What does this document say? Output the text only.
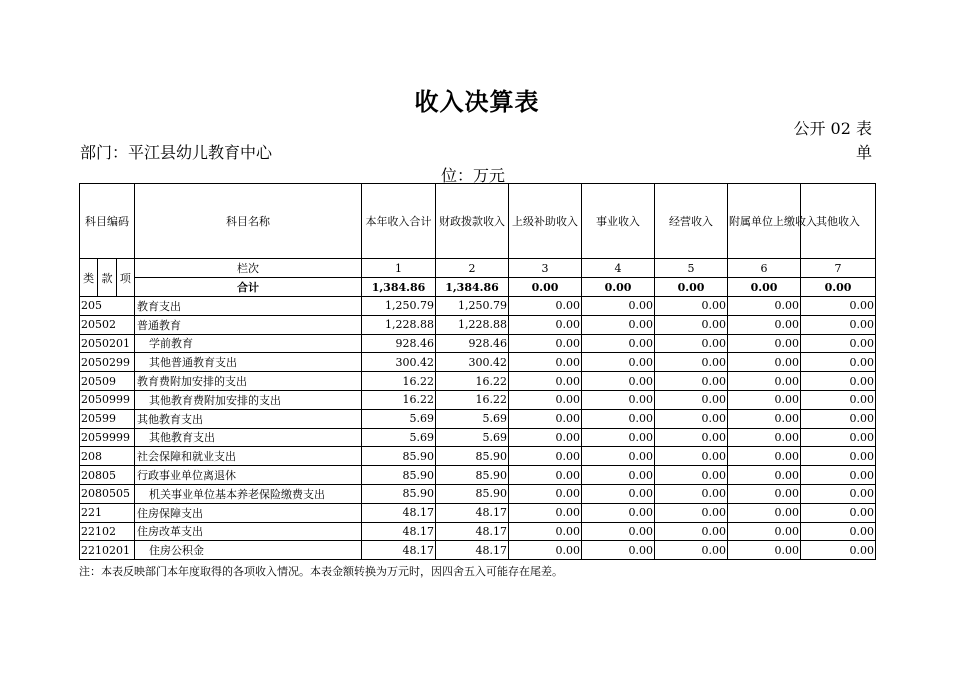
收入决算表
公开 02 表
部门：平江县幼儿教育中心	单
位：万元
科目编码	科目名称	本年收入合计	财政拨款收入	上级补助收入	事业收入	经营收入	附属单位上缴收入	其他收入

类 款 项	栏次	1	2	3	4	5	6	7
	合计	1,384.86	1,384.86	0.00	0.00	0.00	0.00	0.00
205	教育支出	1,250.79	1,250.79	0.00	0.00	0.00	0.00	0.00
20502	普通教育	1,228.88	1,228.88	0.00	0.00	0.00	0.00	0.00
2050201	学前教育	928.46	928.46	0.00	0.00	0.00	0.00	0.00
2050299	其他普通教育支出	300.42	300.42	0.00	0.00	0.00	0.00	0.00
20509	教育费附加安排的支出	16.22	16.22	0.00	0.00	0.00	0.00	0.00
2050999	其他教育费附加安排的支出	16.22	16.22	0.00	0.00	0.00	0.00	0.00
20599	其他教育支出	5.69	5.69	0.00	0.00	0.00	0.00	0.00
2059999	其他教育支出	5.69	5.69	0.00	0.00	0.00	0.00	0.00
208	社会保障和就业支出	85.90	85.90	0.00	0.00	0.00	0.00	0.00
20805	行政事业单位离退休	85.90	85.90	0.00	0.00	0.00	0.00	0.00
2080505	机关事业单位基本养老保险缴费支出	85.90	85.90	0.00	0.00	0.00	0.00	0.00
221	住房保障支出	48.17	48.17	0.00	0.00	0.00	0.00	0.00
22102	住房改革支出	48.17	48.17	0.00	0.00	0.00	0.00	0.00
2210201	住房公积金	48.17	48.17	0.00	0.00	0.00	0.00	0.00
注：本表反映部门本年度取得的各项收入情况。本表金额转换为万元时，因四舍五入可能存在尾差。
